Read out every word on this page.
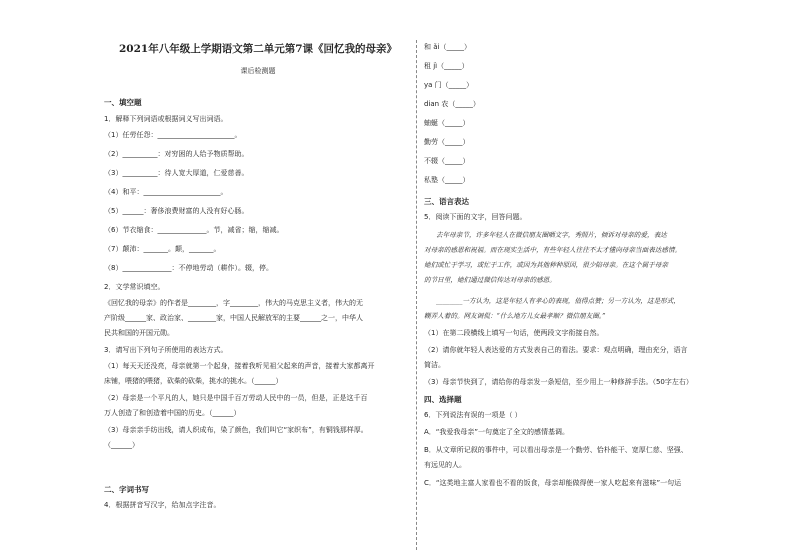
2021年八年级上学期语文第二单元第7课《回忆我的母亲》

课后检测题

一、填空题

1．解释下列词语或根据词义写出词语。

（1）任劳任怨：______________________。

（2）__________：对穷困的人给予物质帮助。

（3）__________：待人宽大厚道，仁爱慈善。

（4）和平：______________________。

（5）______：奢侈浪费财富的人没有好心肠。

（6）节衣缩食：______________。节，减省；缩，缩减。

（7）颠沛：_______。颠，_______。

（8）______________：不停地劳动（耕作）。辍，停。

2．文学常识填空。

《回忆我的母亲》的作者是________，字________，伟大的马克思主义者，伟大的无

产阶级______家、政治家、________家，中国人民解放军的主要______之一，中华人

民共和国的开国元勋。

3．请写出下列句子所使用的表达方式。

（1）每天天还没亮，母亲就第一个起身，接着我听见祖父起来的声音，接着大家都离开

床铺，喂猪的喂猪，砍柴的砍柴，挑水的挑水。（______）

（2）母亲是一个平凡的人，她只是中国千百万劳动人民中的一员，但是，正是这千百

万人创造了和创造着中国的历史。（______）

（3）母亲亲手纺出线，请人织成布，染了颜色，我们叫它“家织布”，有铜钱那样厚。

（______）

二、字词书写

4．根据拼音写汉字，给加点字注音。

和 ǎi（_____）

租 jì（_____）

ya 门（_____）

dian 农（_____）

蚰蜒（_____）

勤劳（_____）

不辍（_____）

私塾（_____）

三、语言表达

5．阅读下面的文字，回答问题。

去年母亲节，许多年轻人在微信朋友圈晒文字，秀照片，倾诉对母亲的爱，表达

对母亲的感恩和祝福。而在现实生活中，有些年轻人往往不太才懂向母亲当面表达感情。

她们或忙于学习，或忙于工作，或因为其他种种原因，很少陪母亲。在这个属于母亲

的节日里，她们通过微信传达对母亲的感恩。

________一方认为，这是年轻人有孝心的表现，值得点赞；另一方认为，这是形式，

糊弄人着的。网友调侃：“什么地方儿女最孝顺？微信朋友圈。”

（1）在第二段横线上填写一句话，使两段文字衔接自然。

（2）请你就年轻人表达爱的方式发表自己的看法。要求：观点明确，理由充分，语言

简洁。

（3）母亲节快到了，请给你的母亲发一条短信，至少用上一种修辞手法。（50字左右）

四、选择题

6．下列说法有误的一项是（ ）

A．“我爱我母亲”一句奠定了全文的感情基调。

B．从文章所记叙的事件中，可以看出母亲是一个勤劳、恰朴能干、宽厚仁慈、坚强、

有远见的人。

C．“这类地主富人家看也不看的饭食，母亲却能做得使一家人吃起来有滋味”一句运
